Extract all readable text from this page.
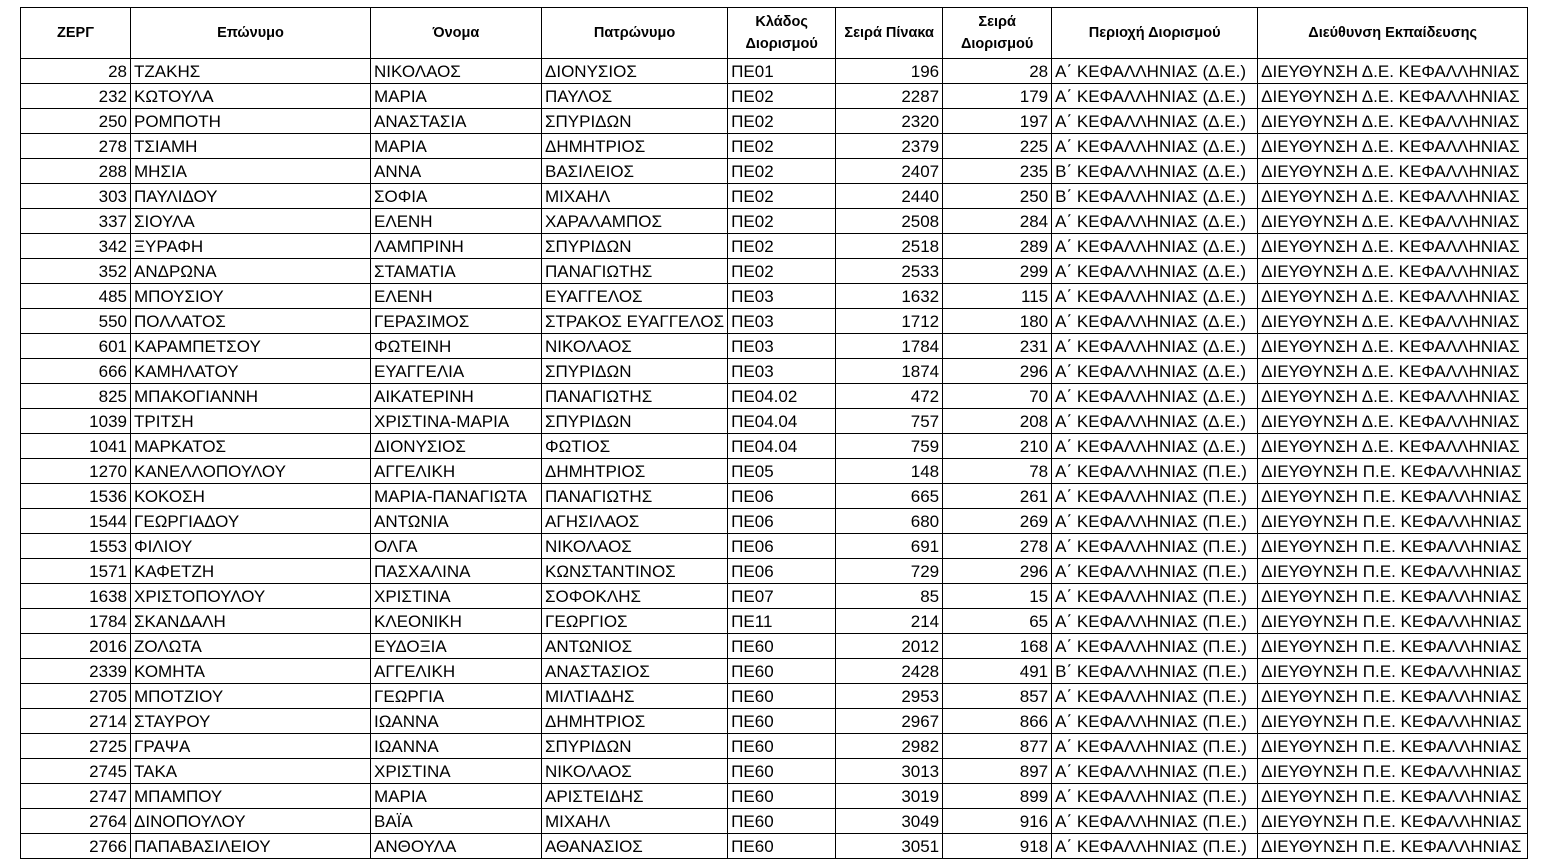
ΖΕΡΓ	Επώνυμο	Όνομα	Πατρώνυμο	Κλάδος Διορισμού	Σειρά Πίνακα	Σειρά Διορισμού	Περιοχή Διορισμού	Διεύθυνση Εκπαίδευσης
28	ΤΖΑΚΗΣ	ΝΙΚΟΛΑΟΣ	ΔΙΟΝΥΣΙΟΣ	ΠΕ01	196	28	Α΄ ΚΕΦΑΛΛΗΝΙΑΣ (Δ.Ε.)	ΔΙΕΥΘΥΝΣΗ Δ.Ε. ΚΕΦΑΛΛΗΝΙΑΣ
232	ΚΩΤΟΥΛΑ	ΜΑΡΙΑ	ΠΑΥΛΟΣ	ΠΕ02	2287	179	Α΄ ΚΕΦΑΛΛΗΝΙΑΣ (Δ.Ε.)	ΔΙΕΥΘΥΝΣΗ Δ.Ε. ΚΕΦΑΛΛΗΝΙΑΣ
250	ΡΟΜΠΟΤΗ	ΑΝΑΣΤΑΣΙΑ	ΣΠΥΡΙΔΩΝ	ΠΕ02	2320	197	Α΄ ΚΕΦΑΛΛΗΝΙΑΣ (Δ.Ε.)	ΔΙΕΥΘΥΝΣΗ Δ.Ε. ΚΕΦΑΛΛΗΝΙΑΣ
278	ΤΣΙΑΜΗ	ΜΑΡΙΑ	ΔΗΜΗΤΡΙΟΣ	ΠΕ02	2379	225	Α΄ ΚΕΦΑΛΛΗΝΙΑΣ (Δ.Ε.)	ΔΙΕΥΘΥΝΣΗ Δ.Ε. ΚΕΦΑΛΛΗΝΙΑΣ
288	ΜΗΣΙΑ	ΑΝΝΑ	ΒΑΣΙΛΕΙΟΣ	ΠΕ02	2407	235	Β΄ ΚΕΦΑΛΛΗΝΙΑΣ (Δ.Ε.)	ΔΙΕΥΘΥΝΣΗ Δ.Ε. ΚΕΦΑΛΛΗΝΙΑΣ
303	ΠΑΥΛΙΔΟΥ	ΣΟΦΙΑ	ΜΙΧΑΗΛ	ΠΕ02	2440	250	Β΄ ΚΕΦΑΛΛΗΝΙΑΣ (Δ.Ε.)	ΔΙΕΥΘΥΝΣΗ Δ.Ε. ΚΕΦΑΛΛΗΝΙΑΣ
337	ΣΙΟΥΛΑ	ΕΛΕΝΗ	ΧΑΡΑΛΑΜΠΟΣ	ΠΕ02	2508	284	Α΄ ΚΕΦΑΛΛΗΝΙΑΣ (Δ.Ε.)	ΔΙΕΥΘΥΝΣΗ Δ.Ε. ΚΕΦΑΛΛΗΝΙΑΣ
342	ΞΥΡΑΦΗ	ΛΑΜΠΡΙΝΗ	ΣΠΥΡΙΔΩΝ	ΠΕ02	2518	289	Α΄ ΚΕΦΑΛΛΗΝΙΑΣ (Δ.Ε.)	ΔΙΕΥΘΥΝΣΗ Δ.Ε. ΚΕΦΑΛΛΗΝΙΑΣ
352	ΑΝΔΡΩΝΑ	ΣΤΑΜΑΤΙΑ	ΠΑΝΑΓΙΩΤΗΣ	ΠΕ02	2533	299	Α΄ ΚΕΦΑΛΛΗΝΙΑΣ (Δ.Ε.)	ΔΙΕΥΘΥΝΣΗ Δ.Ε. ΚΕΦΑΛΛΗΝΙΑΣ
485	ΜΠΟΥΣΙΟΥ	ΕΛΕΝΗ	ΕΥΑΓΓΕΛΟΣ	ΠΕ03	1632	115	Α΄ ΚΕΦΑΛΛΗΝΙΑΣ (Δ.Ε.)	ΔΙΕΥΘΥΝΣΗ Δ.Ε. ΚΕΦΑΛΛΗΝΙΑΣ
550	ΠΟΛΛΑΤΟΣ	ΓΕΡΑΣΙΜΟΣ	ΣΤΡΑΚΟΣ ΕΥΑΓΓΕΛΟΣ	ΠΕ03	1712	180	Α΄ ΚΕΦΑΛΛΗΝΙΑΣ (Δ.Ε.)	ΔΙΕΥΘΥΝΣΗ Δ.Ε. ΚΕΦΑΛΛΗΝΙΑΣ
601	ΚΑΡΑΜΠΕΤΣΟΥ	ΦΩΤΕΙΝΗ	ΝΙΚΟΛΑΟΣ	ΠΕ03	1784	231	Α΄ ΚΕΦΑΛΛΗΝΙΑΣ (Δ.Ε.)	ΔΙΕΥΘΥΝΣΗ Δ.Ε. ΚΕΦΑΛΛΗΝΙΑΣ
666	ΚΑΜΗΛΑΤΟΥ	ΕΥΑΓΓΕΛΙΑ	ΣΠΥΡΙΔΩΝ	ΠΕ03	1874	296	Α΄ ΚΕΦΑΛΛΗΝΙΑΣ (Δ.Ε.)	ΔΙΕΥΘΥΝΣΗ Δ.Ε. ΚΕΦΑΛΛΗΝΙΑΣ
825	ΜΠΑΚΟΓΙΑΝΝΗ	ΑΙΚΑΤΕΡΙΝΗ	ΠΑΝΑΓΙΩΤΗΣ	ΠΕ04.02	472	70	Α΄ ΚΕΦΑΛΛΗΝΙΑΣ (Δ.Ε.)	ΔΙΕΥΘΥΝΣΗ Δ.Ε. ΚΕΦΑΛΛΗΝΙΑΣ
1039	ΤΡΙΤΣΗ	ΧΡΙΣΤΙΝΑ-ΜΑΡΙΑ	ΣΠΥΡΙΔΩΝ	ΠΕ04.04	757	208	Α΄ ΚΕΦΑΛΛΗΝΙΑΣ (Δ.Ε.)	ΔΙΕΥΘΥΝΣΗ Δ.Ε. ΚΕΦΑΛΛΗΝΙΑΣ
1041	ΜΑΡΚΑΤΟΣ	ΔΙΟΝΥΣΙΟΣ	ΦΩΤΙΟΣ	ΠΕ04.04	759	210	Α΄ ΚΕΦΑΛΛΗΝΙΑΣ (Δ.Ε.)	ΔΙΕΥΘΥΝΣΗ Δ.Ε. ΚΕΦΑΛΛΗΝΙΑΣ
1270	ΚΑΝΕΛΛΟΠΟΥΛΟΥ	ΑΓΓΕΛΙΚΗ	ΔΗΜΗΤΡΙΟΣ	ΠΕ05	148	78	Α΄ ΚΕΦΑΛΛΗΝΙΑΣ (Π.Ε.)	ΔΙΕΥΘΥΝΣΗ Π.Ε. ΚΕΦΑΛΛΗΝΙΑΣ
1536	ΚΟΚΟΣΗ	ΜΑΡΙΑ-ΠΑΝΑΓΙΩΤΑ	ΠΑΝΑΓΙΩΤΗΣ	ΠΕ06	665	261	Α΄ ΚΕΦΑΛΛΗΝΙΑΣ (Π.Ε.)	ΔΙΕΥΘΥΝΣΗ Π.Ε. ΚΕΦΑΛΛΗΝΙΑΣ
1544	ΓΕΩΡΓΙΑΔΟΥ	ΑΝΤΩΝΙΑ	ΑΓΗΣΙΛΑΟΣ	ΠΕ06	680	269	Α΄ ΚΕΦΑΛΛΗΝΙΑΣ (Π.Ε.)	ΔΙΕΥΘΥΝΣΗ Π.Ε. ΚΕΦΑΛΛΗΝΙΑΣ
1553	ΦΙΛΙΟΥ	ΟΛΓΑ	ΝΙΚΟΛΑΟΣ	ΠΕ06	691	278	Α΄ ΚΕΦΑΛΛΗΝΙΑΣ (Π.Ε.)	ΔΙΕΥΘΥΝΣΗ Π.Ε. ΚΕΦΑΛΛΗΝΙΑΣ
1571	ΚΑΦΕΤΖΗ	ΠΑΣΧΑΛΙΝΑ	ΚΩΝΣΤΑΝΤΙΝΟΣ	ΠΕ06	729	296	Α΄ ΚΕΦΑΛΛΗΝΙΑΣ (Π.Ε.)	ΔΙΕΥΘΥΝΣΗ Π.Ε. ΚΕΦΑΛΛΗΝΙΑΣ
1638	ΧΡΙΣΤΟΠΟΥΛΟΥ	ΧΡΙΣΤΙΝΑ	ΣΟΦΟΚΛΗΣ	ΠΕ07	85	15	Α΄ ΚΕΦΑΛΛΗΝΙΑΣ (Π.Ε.)	ΔΙΕΥΘΥΝΣΗ Π.Ε. ΚΕΦΑΛΛΗΝΙΑΣ
1784	ΣΚΑΝΔΑΛΗ	ΚΛΕΟΝΙΚΗ	ΓΕΩΡΓΙΟΣ	ΠΕ11	214	65	Α΄ ΚΕΦΑΛΛΗΝΙΑΣ (Π.Ε.)	ΔΙΕΥΘΥΝΣΗ Π.Ε. ΚΕΦΑΛΛΗΝΙΑΣ
2016	ΖΟΛΩΤΑ	ΕΥΔΟΞΙΑ	ΑΝΤΩΝΙΟΣ	ΠΕ60	2012	168	Α΄ ΚΕΦΑΛΛΗΝΙΑΣ (Π.Ε.)	ΔΙΕΥΘΥΝΣΗ Π.Ε. ΚΕΦΑΛΛΗΝΙΑΣ
2339	ΚΟΜΗΤΑ	ΑΓΓΕΛΙΚΗ	ΑΝΑΣΤΑΣΙΟΣ	ΠΕ60	2428	491	Β΄ ΚΕΦΑΛΛΗΝΙΑΣ (Π.Ε.)	ΔΙΕΥΘΥΝΣΗ Π.Ε. ΚΕΦΑΛΛΗΝΙΑΣ
2705	ΜΠΟΤΖΙΟΥ	ΓΕΩΡΓΙΑ	ΜΙΛΤΙΑΔΗΣ	ΠΕ60	2953	857	Α΄ ΚΕΦΑΛΛΗΝΙΑΣ (Π.Ε.)	ΔΙΕΥΘΥΝΣΗ Π.Ε. ΚΕΦΑΛΛΗΝΙΑΣ
2714	ΣΤΑΥΡΟΥ	ΙΩΑΝΝΑ	ΔΗΜΗΤΡΙΟΣ	ΠΕ60	2967	866	Α΄ ΚΕΦΑΛΛΗΝΙΑΣ (Π.Ε.)	ΔΙΕΥΘΥΝΣΗ Π.Ε. ΚΕΦΑΛΛΗΝΙΑΣ
2725	ΓΡΑΨΑ	ΙΩΑΝΝΑ	ΣΠΥΡΙΔΩΝ	ΠΕ60	2982	877	Α΄ ΚΕΦΑΛΛΗΝΙΑΣ (Π.Ε.)	ΔΙΕΥΘΥΝΣΗ Π.Ε. ΚΕΦΑΛΛΗΝΙΑΣ
2745	ΤΑΚΑ	ΧΡΙΣΤΙΝΑ	ΝΙΚΟΛΑΟΣ	ΠΕ60	3013	897	Α΄ ΚΕΦΑΛΛΗΝΙΑΣ (Π.Ε.)	ΔΙΕΥΘΥΝΣΗ Π.Ε. ΚΕΦΑΛΛΗΝΙΑΣ
2747	ΜΠΑΜΠΟΥ	ΜΑΡΙΑ	ΑΡΙΣΤΕΙΔΗΣ	ΠΕ60	3019	899	Α΄ ΚΕΦΑΛΛΗΝΙΑΣ (Π.Ε.)	ΔΙΕΥΘΥΝΣΗ Π.Ε. ΚΕΦΑΛΛΗΝΙΑΣ
2764	ΔΙΝΟΠΟΥΛΟΥ	ΒΑΪΑ	ΜΙΧΑΗΛ	ΠΕ60	3049	916	Α΄ ΚΕΦΑΛΛΗΝΙΑΣ (Π.Ε.)	ΔΙΕΥΘΥΝΣΗ Π.Ε. ΚΕΦΑΛΛΗΝΙΑΣ
2766	ΠΑΠΑΒΑΣΙΛΕΙΟΥ	ΑΝΘΟΥΛΑ	ΑΘΑΝΑΣΙΟΣ	ΠΕ60	3051	918	Α΄ ΚΕΦΑΛΛΗΝΙΑΣ (Π.Ε.)	ΔΙΕΥΘΥΝΣΗ Π.Ε. ΚΕΦΑΛΛΗΝΙΑΣ
